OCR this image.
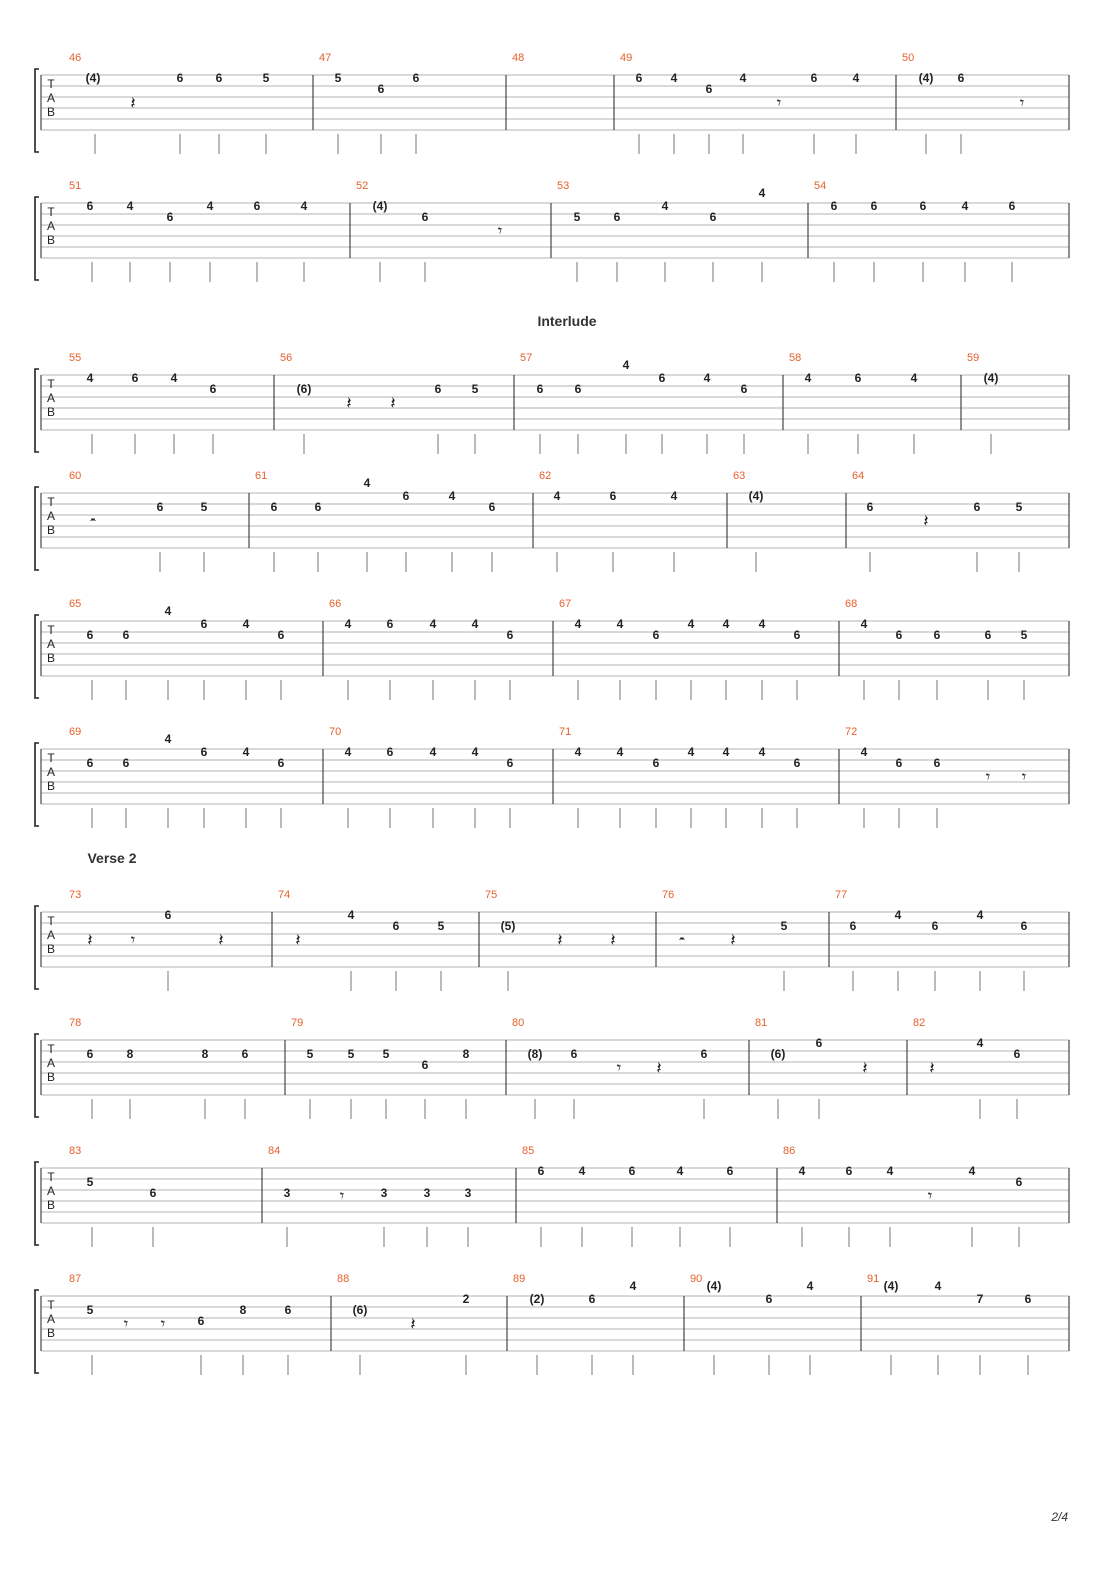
T
A
B
46
(4)	6	6	5
𝄽
47
5
6
6
48	49
6 4
6
4	6	4
𝄾
50
(4) 6
𝄾
T
A
B
51
6	4
6
4	6	4
52
(4)
6
𝄾
53
5	6
4
6
4	54
6	6	6	4	6
Interlude
T
A
B
55
4	6	4
6
56
(6)	6	5
𝄽 𝄽
57
6	6
4
6	4
6
58
4	6	4
59
(4)
T
A
B
60
6	5
𝄼
61
6	6
4
6	4
6
62
4	6	4
63
(4)
64
6	6	5
𝄽
T
A
B
65
6 6
4
6	4
6
66
4	6	4	4
6
67
4	4
6
4 4 4
6
68
4
6	6	6 5
T
A
B
69
6 6
4
6	4
6
70
4	6	4	4
6
71
4	4
6
4 4 4
6
72
4
6	6
𝄾 𝄾
Verse 2
T
A
B
73
6
𝄽 𝄾	𝄽
74
4
6	5
𝄽
75
(5)
𝄽	𝄽
76
5
𝄼	𝄽
77
6
4
6
4
6
T
A
B
78
6	8	8	6
79
5	5 5
6
8
80
(8) 6	6
𝄾 𝄽
81
(6)
6
𝄽
82
4
6
𝄽
T
A
B
83
5
6
84
3	3	3	3
𝄾
85
6	4	6	4	6
86
4	6	4	4
6
𝄾
T
A
B
87
5
6
8	6
𝄾 𝄾
88
(6)
2
𝄽
89
(2)	6
4	90 (4)
6
4	91 (4)	4
7	6
2/4
